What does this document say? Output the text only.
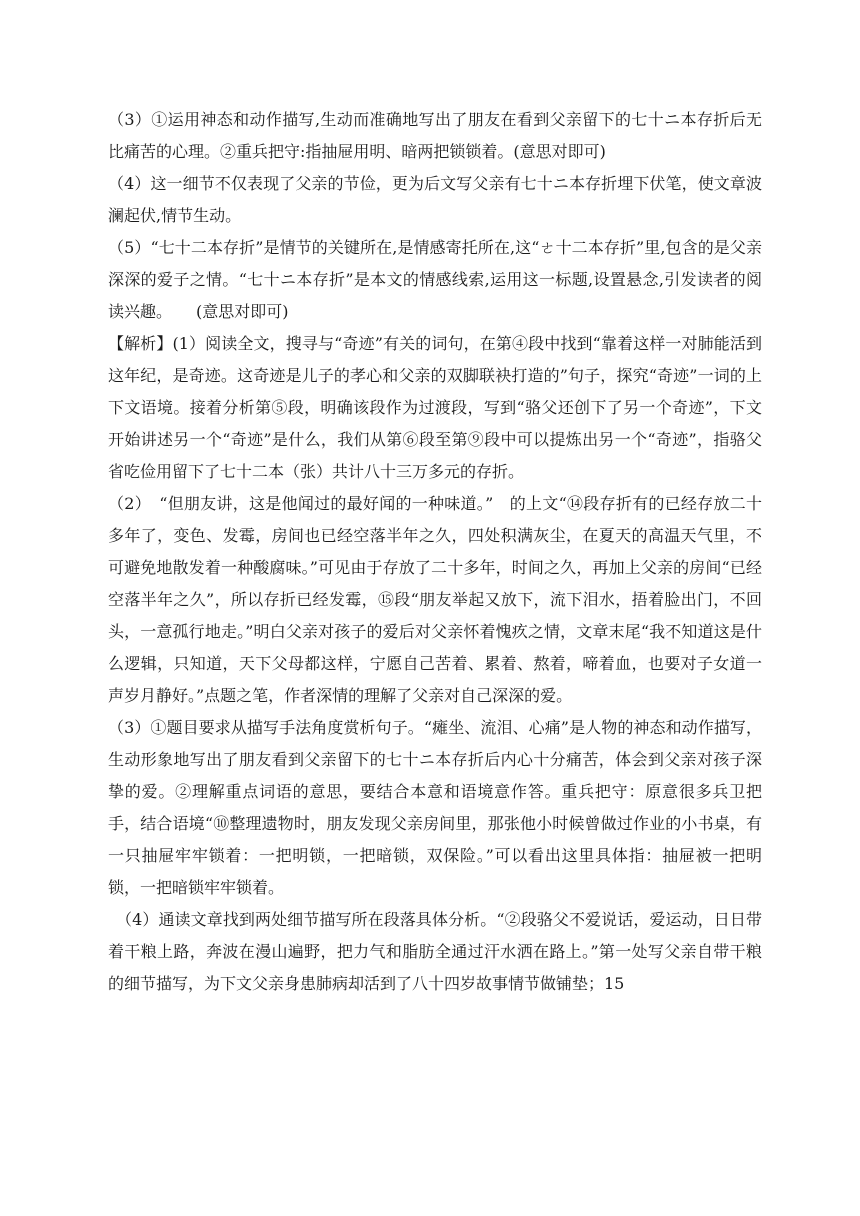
（3）①运用神态和动作描写,生动而准确地写出了朋友在看到父亲留下的七十ニ本存折后无比痛苦的心理。②重兵把守:指抽屉用明、暗两把锁锁着。(意思对即可)

（4）这一细节不仅表现了父亲的节俭，更为后文写父亲有七十ニ本存折埋下伏笔，使文章波澜起伏,情节生动。

（5）“七十二本存折”是情节的关键所在,是情感寄托所在,这“ㄜ十二本存折”里,包含的是父亲深深的爱子之情。“七十ニ本存折”是本文的情感线索,运用这一标题,设置悬念,引发读者的阅读兴趣。　　(意思对即可)

【解析】(1）阅读全文，搜寻与“奇迹”有关的词句，在第④段中找到“靠着这样一对肺能活到这年纪，是奇迹。这奇迹是儿子的孝心和父亲的双脚联袂打造的”句子，探究“奇迹”一词的上下文语境。接着分析第⑤段，明确该段作为过渡段，写到“骆父还创下了另一个奇迹”，下文开始讲述另一个“奇迹”是什么，我们从第⑥段至第⑨段中可以提炼出另一个“奇迹”，指骆父省吃俭用留下了七十二本（张）共计八十三万多元的存折。

（2）　“但朋友讲，这是他闻过的最好闻的一种味道。”　的上文“⑭段存折有的已经存放二十多年了，变色、发霉，房间也已经空落半年之久，四处积满灰尘，在夏天的高温天气里，不可避免地散发着一种酸腐味。”可见由于存放了二十多年，时间之久，再加上父亲的房间“已经空落半年之久”，所以存折已经发霉，⑮段“朋友举起又放下，流下泪水，捂着脸出门，不回头，一意孤行地走。”明白父亲对孩子的爱后对父亲怀着愧疚之情，文章末尾“我不知道这是什么逻辑，只知道，天下父母都这样，宁愿自己苦着、累着、熬着，啼着血，也要对子女道一声岁月静好。”点题之笔，作者深情的理解了父亲对自己深深的爱。

（3）①题目要求从描写手法角度赏析句子。“瘫坐、流泪、心痛”是人物的神态和动作描写，生动形象地写出了朋友看到父亲留下的七十ニ本存折后内心十分痛苦，体会到父亲对孩子深挚的爱。②理解重点词语的意思，要结合本意和语境意作答。重兵把守：原意很多兵卫把手，结合语境“⑩整理遗物时，朋友发现父亲房间里，那张他小时候曾做过作业的小书桌，有一只抽屉牢牢锁着：一把明锁，一把暗锁，双保险。”可以看出这里具体指：抽屉被一把明锁，一把暗锁牢牢锁着。

（4）通读文章找到两处细节描写所在段落具体分析。“②段骆父不爱说话，爱运动，日日带着干粮上路，奔波在漫山遍野，把力气和脂肪全通过汗水洒在路上。”第一处写父亲自带干粮的细节描写，为下文父亲身患肺病却活到了八十四岁故事情节做铺垫；15
